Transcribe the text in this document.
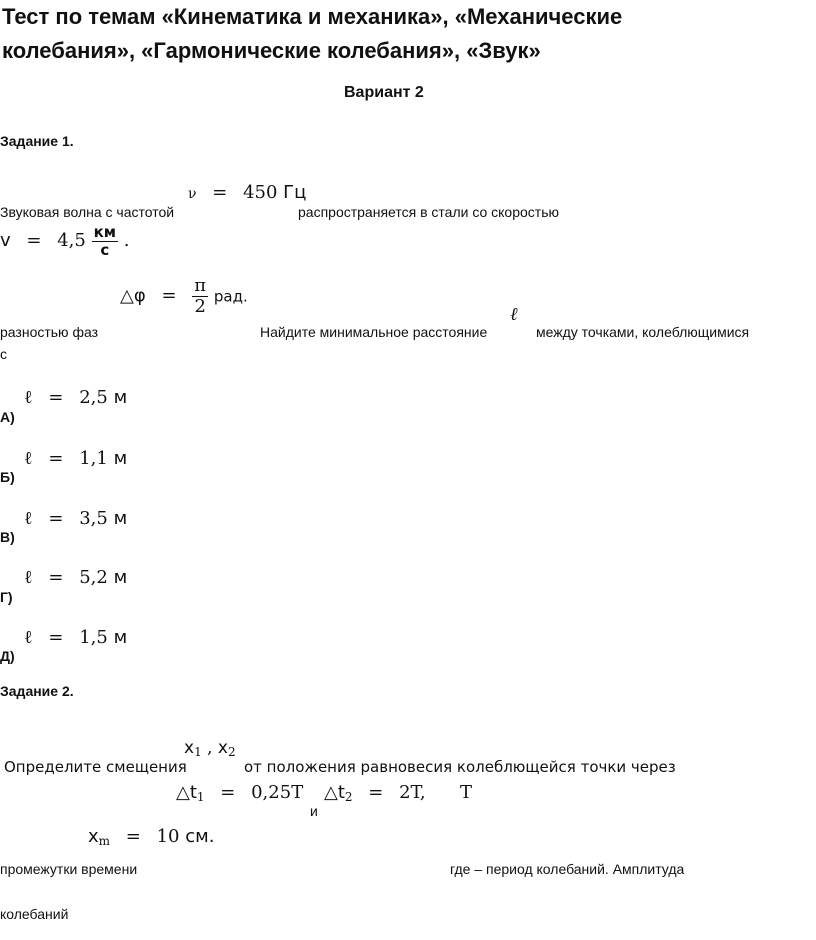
Тест по темам «Кинематика и механика», «Механические
колебания», «Гармонические колебания», «Звук»
Вариант 2
Задание 1.
Звуковая волна с частотой
ν = 450 Гц
распространяется в стали со скоростью
$v = 4,5 \frac{км}{с}$ .
△φ = $\frac{\pi}{2}$ рад.
разностью фаз	Найдите минимальное расстояние
ℓ
между точками, колеблющимися
с
ℓ = 2,5 м
А)
ℓ = 1,1 м
Б)
ℓ = 3,5 м
В)
ℓ = 5,2 м
Г)
ℓ = 1,5 м
Д)
Задание 2.
$x_1$ , $x_2$
Определите смещения	от положения равновесия колеблющейся точки через
$\triangle t_1 = 0,25T$
и
$\triangle t_2 = 2T$, T
$x_m = 10$ см.
промежутки времени	где – период колебаний. Амплитуда
колебаний
